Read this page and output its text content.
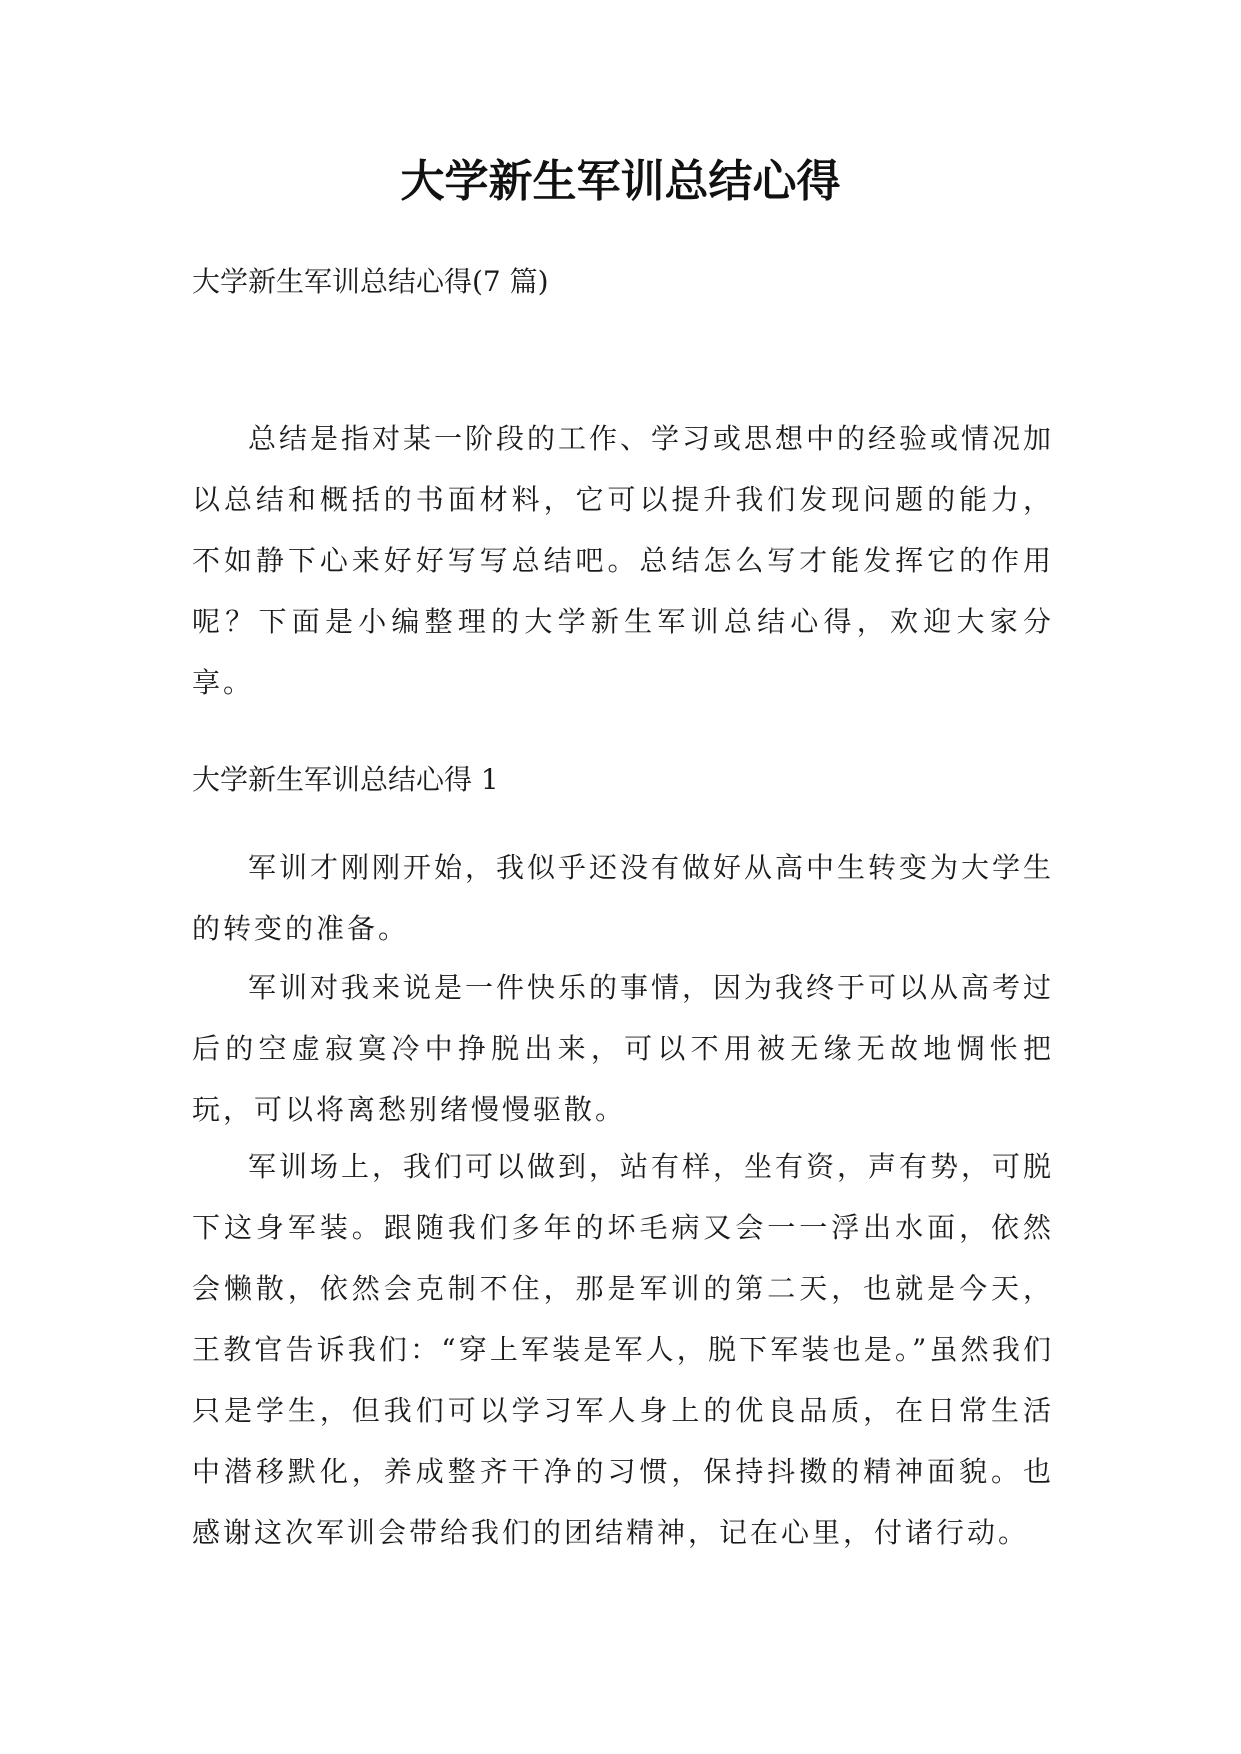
大学新生军训总结心得
大学新生军训总结心得(7 篇)
总结是指对某一阶段的工作、学习或思想中的经验或情况加以总结和概括的书面材料，它可以提升我们发现问题的能力，不如静下心来好好写写总结吧。总结怎么写才能发挥它的作用呢？下面是小编整理的大学新生军训总结心得，欢迎大家分享。
大学新生军训总结心得 1
军训才刚刚开始，我似乎还没有做好从高中生转变为大学生的转变的准备。
军训对我来说是一件快乐的事情，因为我终于可以从高考过后的空虚寂寞冷中挣脱出来，可以不用被无缘无故地惆怅把玩，可以将离愁别绪慢慢驱散。
军训场上，我们可以做到，站有样，坐有资，声有势，可脱下这身军装。跟随我们多年的坏毛病又会一一浮出水面，依然会懒散，依然会克制不住，那是军训的第二天，也就是今天，王教官告诉我们：“穿上军装是军人，脱下军装也是。”虽然我们只是学生，但我们可以学习军人身上的优良品质，在日常生活中潜移默化，养成整齐干净的习惯，保持抖擞的精神面貌。也感谢这次军训会带给我们的团结精神，记在心里，付诸行动。
